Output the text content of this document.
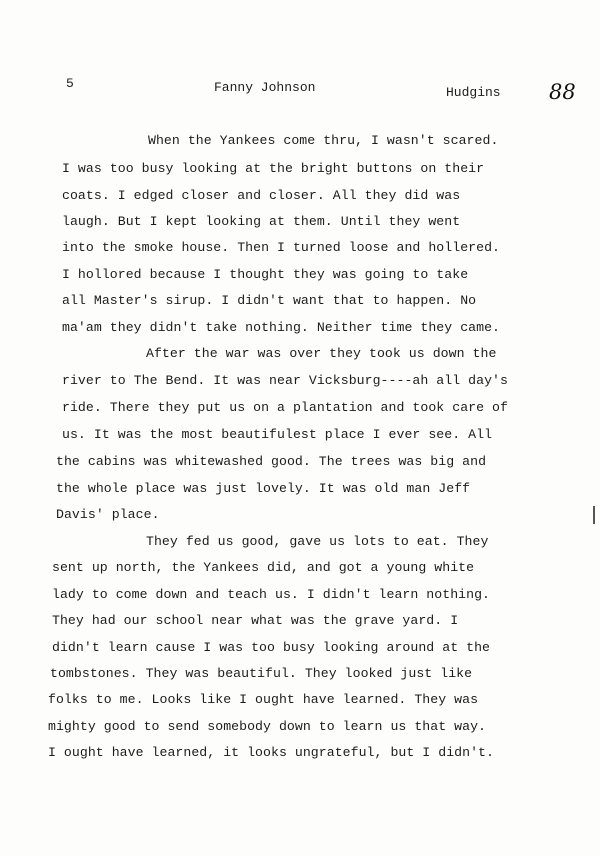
5	Fanny Johnson	Hudgins 88
When the Yankees come thru, I wasn't scared.
I was too busy looking at the bright buttons on their
coats. I edged closer and closer. All they did was
laugh. But I kept looking at them. Until they went
into the smoke house. Then I turned loose and hollered.
I hollored because I thought they was going to take
all Master's sirup. I didn't want that to happen. No
ma'am they didn't take nothing. Neither time they came.
After the war was over they took us down the
river to The Bend. It was near Vicksburg----ah all day's
ride. There they put us on a plantation and took care of
us. It was the most beautifulest place I ever see. All
the cabins was whitewashed good. The trees was big and
the whole place was just lovely. It was old man Jeff
Davis' place.
They fed us good, gave us lots to eat. They
sent up north, the Yankees did, and got a young white
lady to come down and teach us. I didn't learn nothing.
They had our school near what was the grave yard. I
didn't learn cause I was too busy looking around at the
tombstones. They was beautiful. They looked just like
folks to me. Looks like I ought have learned. They was
mighty good to send somebody down to learn us that way.
I ought have learned, it looks ungrateful, but I didn't.
